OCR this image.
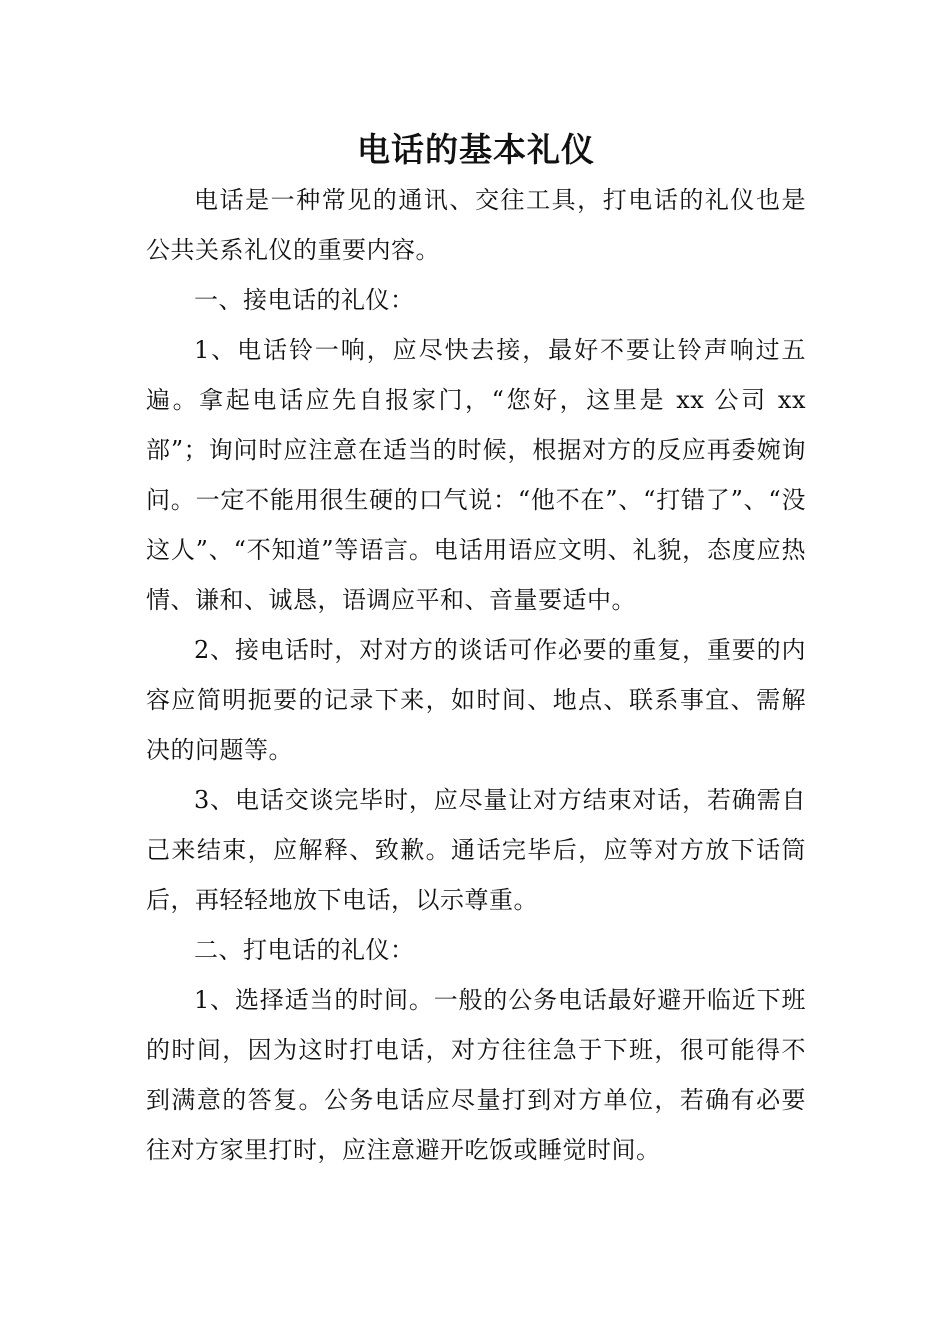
电话的基本礼仪

电话是一种常见的通讯、交往工具，打电话的礼仪也是公共关系礼仪的重要内容。

一、接电话的礼仪：

1、电话铃一响，应尽快去接，最好不要让铃声响过五遍。拿起电话应先自报家门，“您好，这里是 xx 公司 xx 部”；询问时应注意在适当的时候，根据对方的反应再委婉询问。一定不能用很生硬的口气说：“他不在”、“打错了”、“没这人”、“不知道”等语言。电话用语应文明、礼貌，态度应热情、谦和、诚恳，语调应平和、音量要适中。

2、接电话时，对对方的谈话可作必要的重复，重要的内容应简明扼要的记录下来，如时间、地点、联系事宜、需解决的问题等。

3、电话交谈完毕时，应尽量让对方结束对话，若确需自己来结束，应解释、致歉。通话完毕后，应等对方放下话筒后，再轻轻地放下电话，以示尊重。

二、打电话的礼仪：

1、选择适当的时间。一般的公务电话最好避开临近下班的时间，因为这时打电话，对方往往急于下班，很可能得不到满意的答复。公务电话应尽量打到对方单位，若确有必要往对方家里打时，应注意避开吃饭或睡觉时间。
